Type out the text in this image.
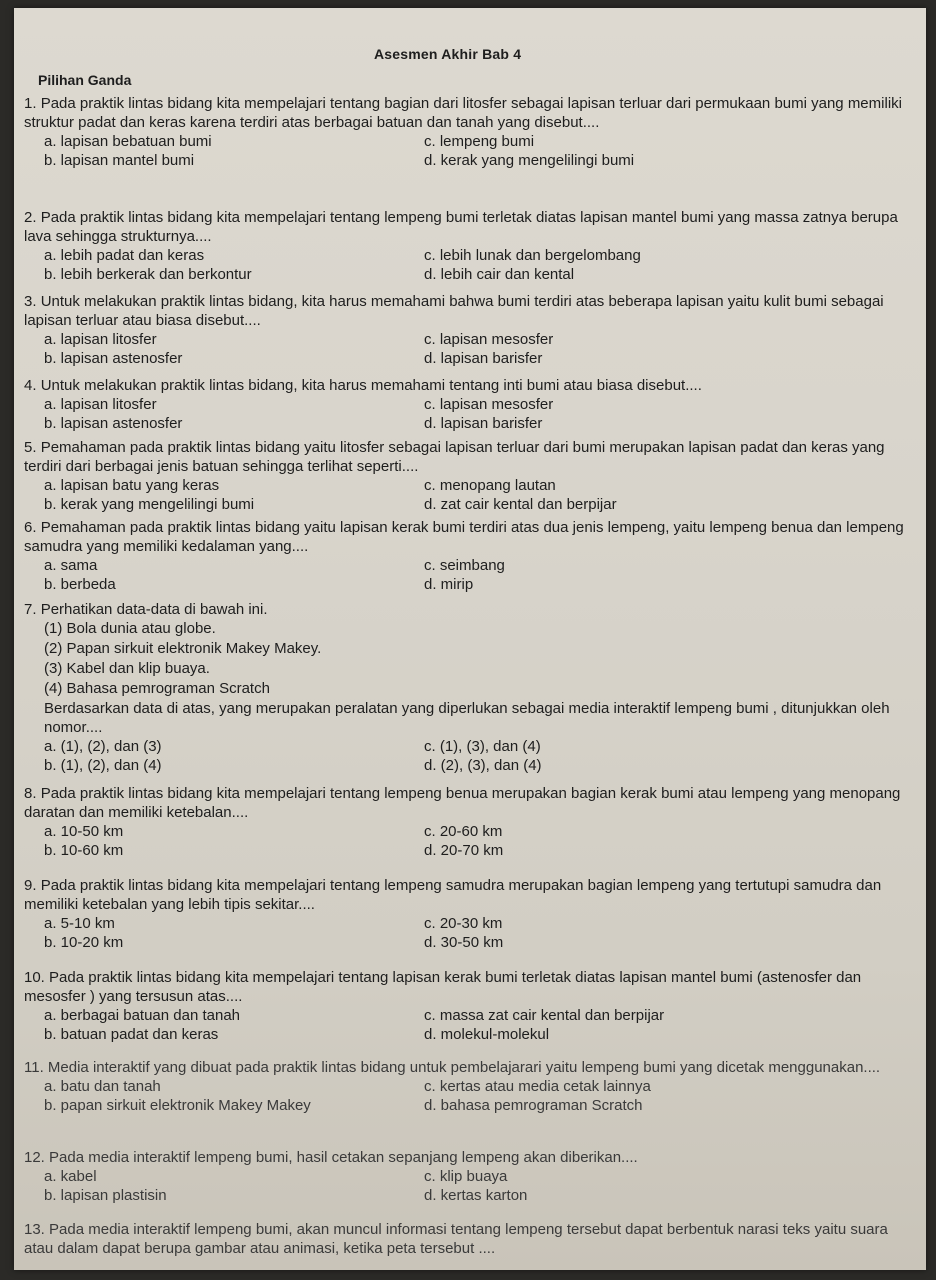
Asesmen Akhir Bab 4
Pilihan Ganda
1. Pada praktik lintas bidang kita mempelajari tentang bagian dari litosfer sebagai lapisan terluar dari permukaan bumi yang memiliki struktur padat dan keras karena terdiri atas berbagai batuan dan tanah yang disebut....
a. lapisan bebatuan bumi	c. lempeng bumi
b. lapisan mantel bumi	d. kerak yang mengelilingi bumi
2. Pada praktik lintas bidang kita mempelajari tentang lempeng bumi terletak diatas lapisan mantel bumi yang massa zatnya berupa lava sehingga strukturnya....
a. lebih padat dan keras	c. lebih lunak dan bergelombang
b. lebih berkerak dan berkontur	d. lebih cair dan kental
3. Untuk melakukan praktik lintas bidang, kita harus memahami bahwa bumi terdiri atas beberapa lapisan yaitu kulit bumi sebagai lapisan terluar atau biasa disebut....
a. lapisan litosfer	c. lapisan mesosfer
b. lapisan astenosfer	d. lapisan barisfer
4. Untuk melakukan praktik lintas bidang, kita harus memahami tentang inti bumi atau biasa disebut....
a. lapisan litosfer	c. lapisan mesosfer
b. lapisan astenosfer	d. lapisan barisfer
5. Pemahaman pada praktik lintas bidang yaitu litosfer sebagai lapisan terluar dari bumi merupakan lapisan padat dan keras yang terdiri dari berbagai jenis batuan sehingga terlihat seperti....
a. lapisan batu yang keras	c. menopang lautan
b. kerak yang mengelilingi bumi	d. zat cair kental dan berpijar
6. Pemahaman pada praktik lintas bidang yaitu lapisan kerak bumi terdiri atas dua jenis lempeng, yaitu lempeng benua dan lempeng samudra yang memiliki kedalaman yang....
a. sama	c. seimbang
b. berbeda	d. mirip
7. Perhatikan data-data di bawah ini.
(1) Bola dunia atau globe.
(2) Papan sirkuit elektronik Makey Makey.
(3) Kabel dan klip buaya.
(4) Bahasa pemrograman Scratch
Berdasarkan data di atas, yang merupakan peralatan yang diperlukan sebagai media interaktif lempeng bumi , ditunjukkan oleh nomor....
a. (1), (2), dan (3)	c. (1), (3), dan (4)
b. (1), (2), dan (4)	d. (2), (3), dan (4)
8. Pada praktik lintas bidang kita mempelajari tentang lempeng benua merupakan bagian kerak bumi atau lempeng yang menopang daratan dan memiliki ketebalan....
a. 10-50 km	c. 20-60 km
b. 10-60 km	d. 20-70 km
9. Pada praktik lintas bidang kita mempelajari tentang lempeng samudra merupakan bagian lempeng yang tertutupi samudra dan memiliki ketebalan yang lebih tipis sekitar....
a. 5-10 km	c. 20-30 km
b. 10-20 km	d. 30-50 km
10. Pada praktik lintas bidang kita mempelajari tentang lapisan kerak bumi terletak diatas lapisan mantel bumi (astenosfer dan mesosfer ) yang tersusun atas....
a. berbagai batuan dan tanah	c. massa zat cair kental dan berpijar
b. batuan padat dan keras	d. molekul-molekul
11. Media interaktif yang dibuat pada praktik lintas bidang untuk pembelajarari yaitu lempeng bumi yang dicetak menggunakan....
a. batu dan tanah	c. kertas atau media cetak lainnya
b. papan sirkuit elektronik Makey Makey	d. bahasa pemrograman Scratch
12. Pada media interaktif lempeng bumi, hasil cetakan sepanjang lempeng akan diberikan....
a. kabel	c. klip buaya
b. lapisan plastisin	d. kertas karton
13. Pada media interaktif lempeng bumi, akan muncul informasi tentang lempeng tersebut dapat berbentuk narasi teks yaitu suara atau dalam dapat berupa gambar atau animasi, ketika peta tersebut ....
